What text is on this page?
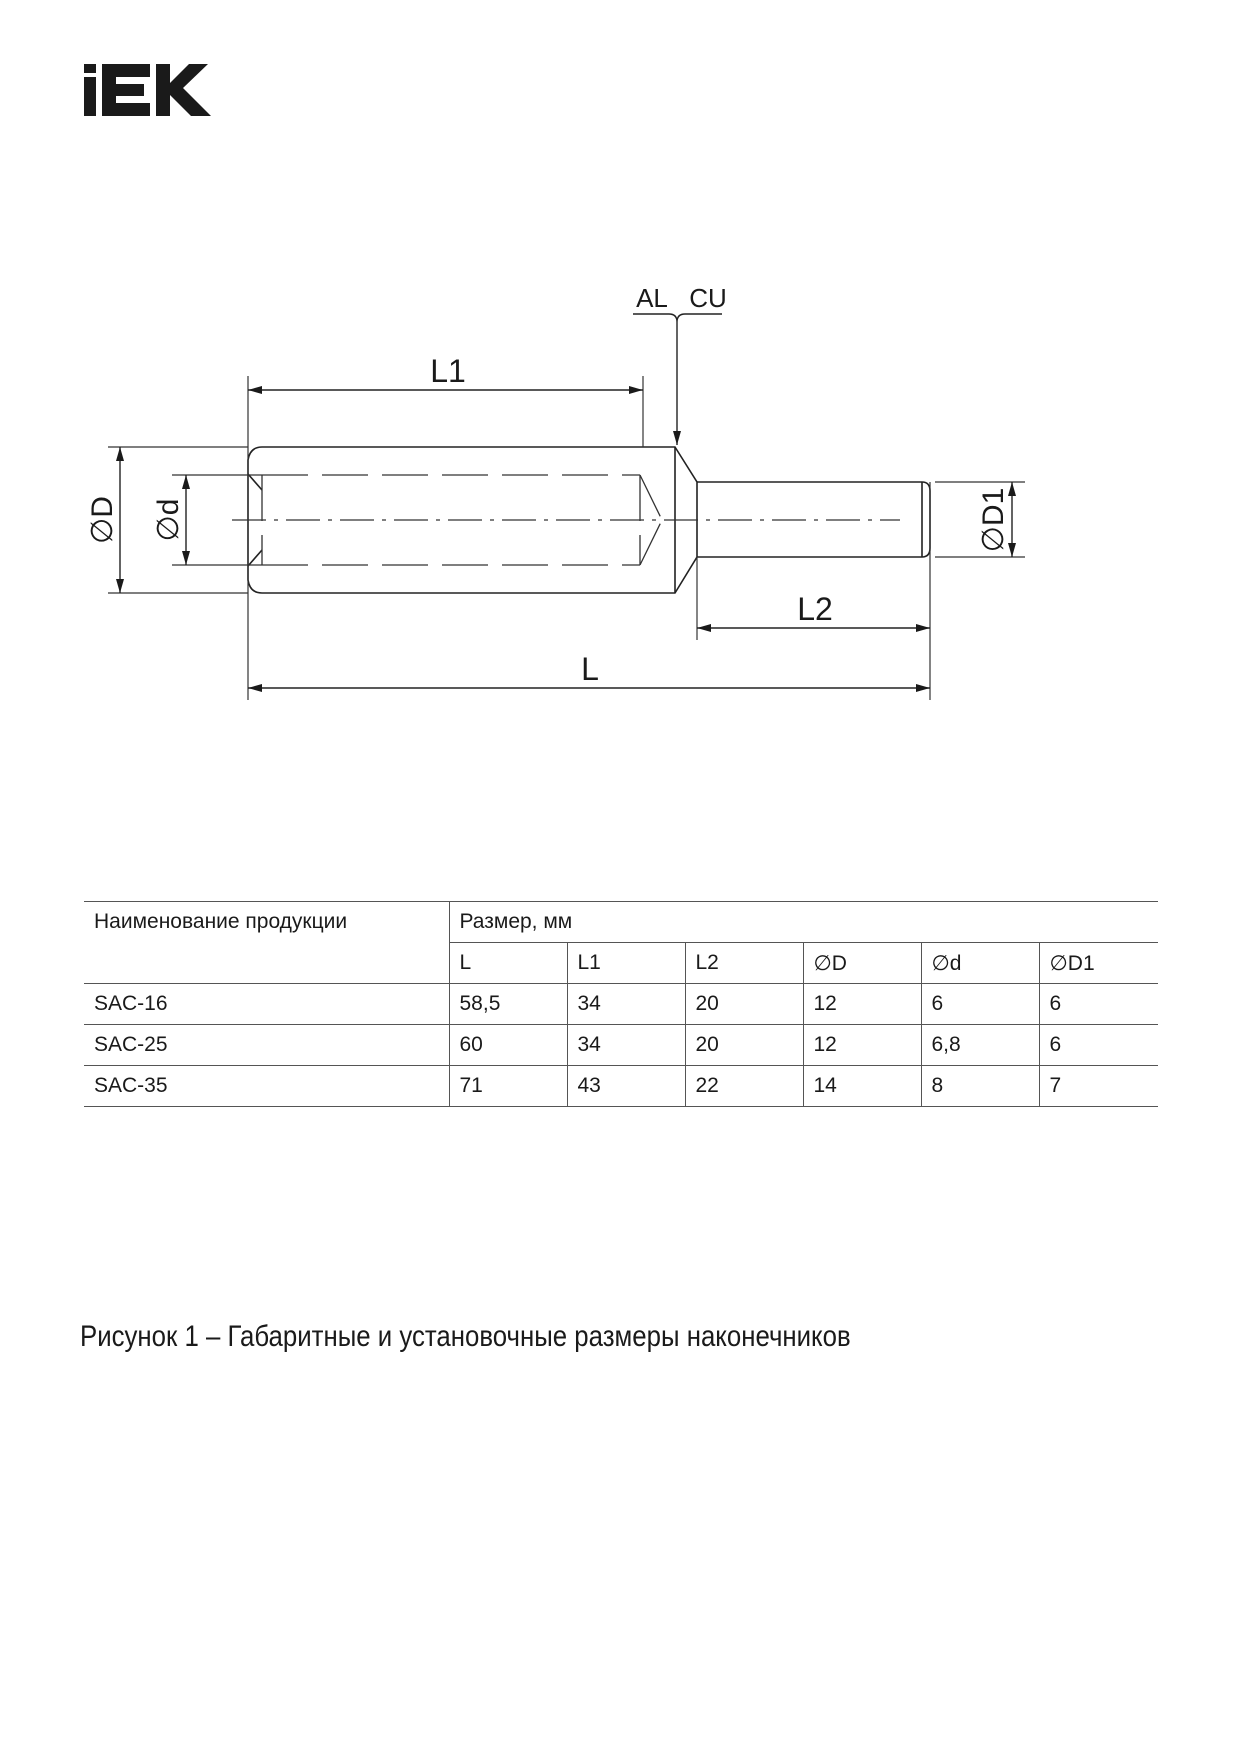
L1
L2
L
∅D ∅d	∅D1
AL CU
Наименование продукции	Размер, мм					
	L	L1	L2	∅D	∅d	∅D1
SAC-16	58,5	34	20	12	6	6
SAC-25	60	34	20	12	6,8	6
SAC-35	71	43	22	14	8	7
Рисунок 1 – Габаритные и установочные размеры наконечников
